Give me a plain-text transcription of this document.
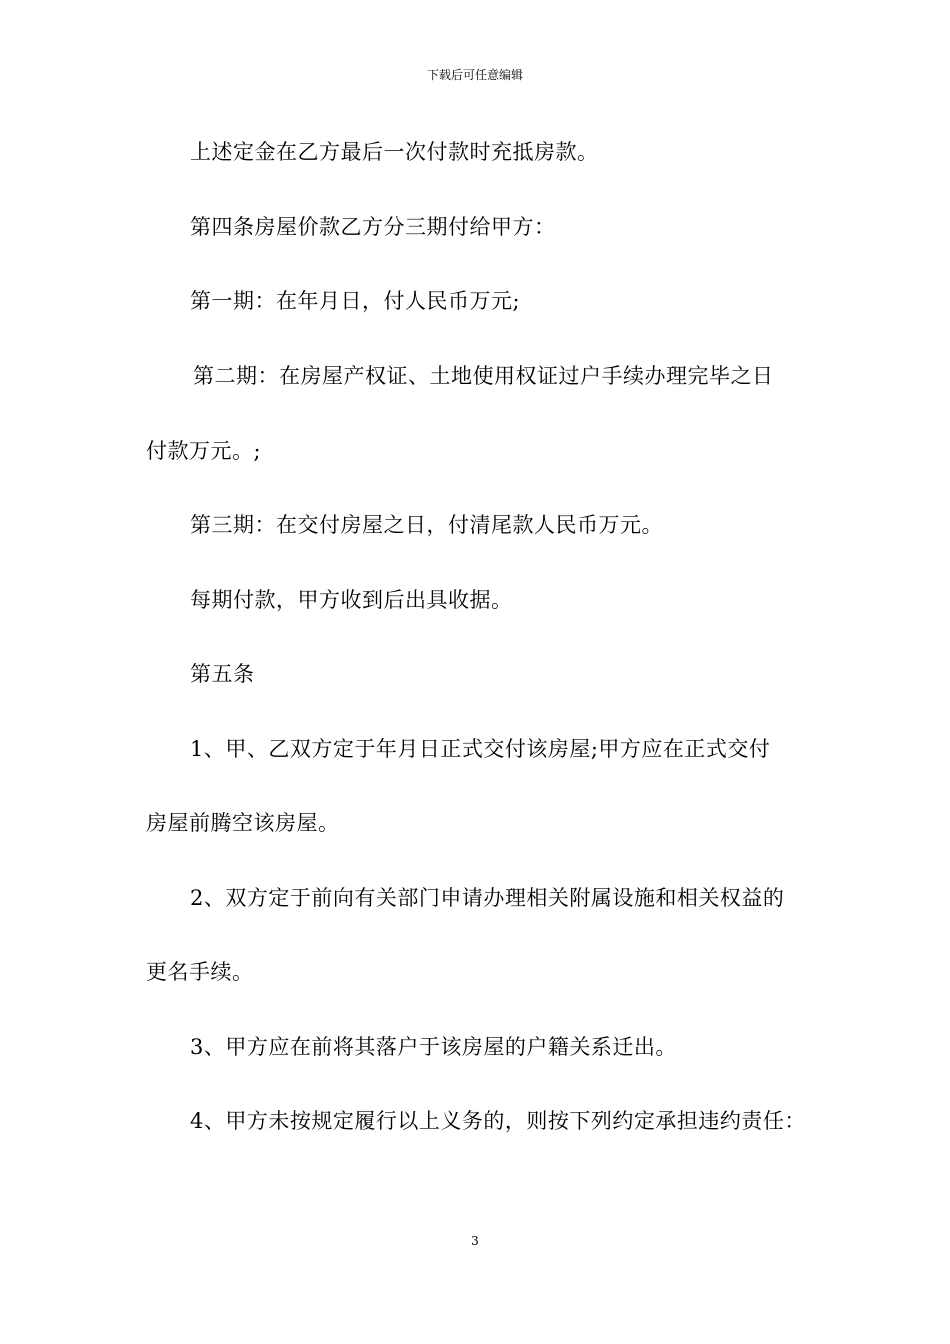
下载后可任意编辑
上述定金在乙方最后一次付款时充抵房款。
第四条房屋价款乙方分三期付给甲方：
第一期：在年月日，付人民币万元;
第二期：在房屋产权证、土地使用权证过户手续办理完毕之日
付款万元。;
第三期：在交付房屋之日，付清尾款人民币万元。
每期付款，甲方收到后出具收据。
第五条
1、甲、乙双方定于年月日正式交付该房屋;甲方应在正式交付
房屋前腾空该房屋。
2、双方定于前向有关部门申请办理相关附属设施和相关权益的
更名手续。
3、甲方应在前将其落户于该房屋的户籍关系迁出。
4、甲方未按规定履行以上义务的，则按下列约定承担违约责任：
3
